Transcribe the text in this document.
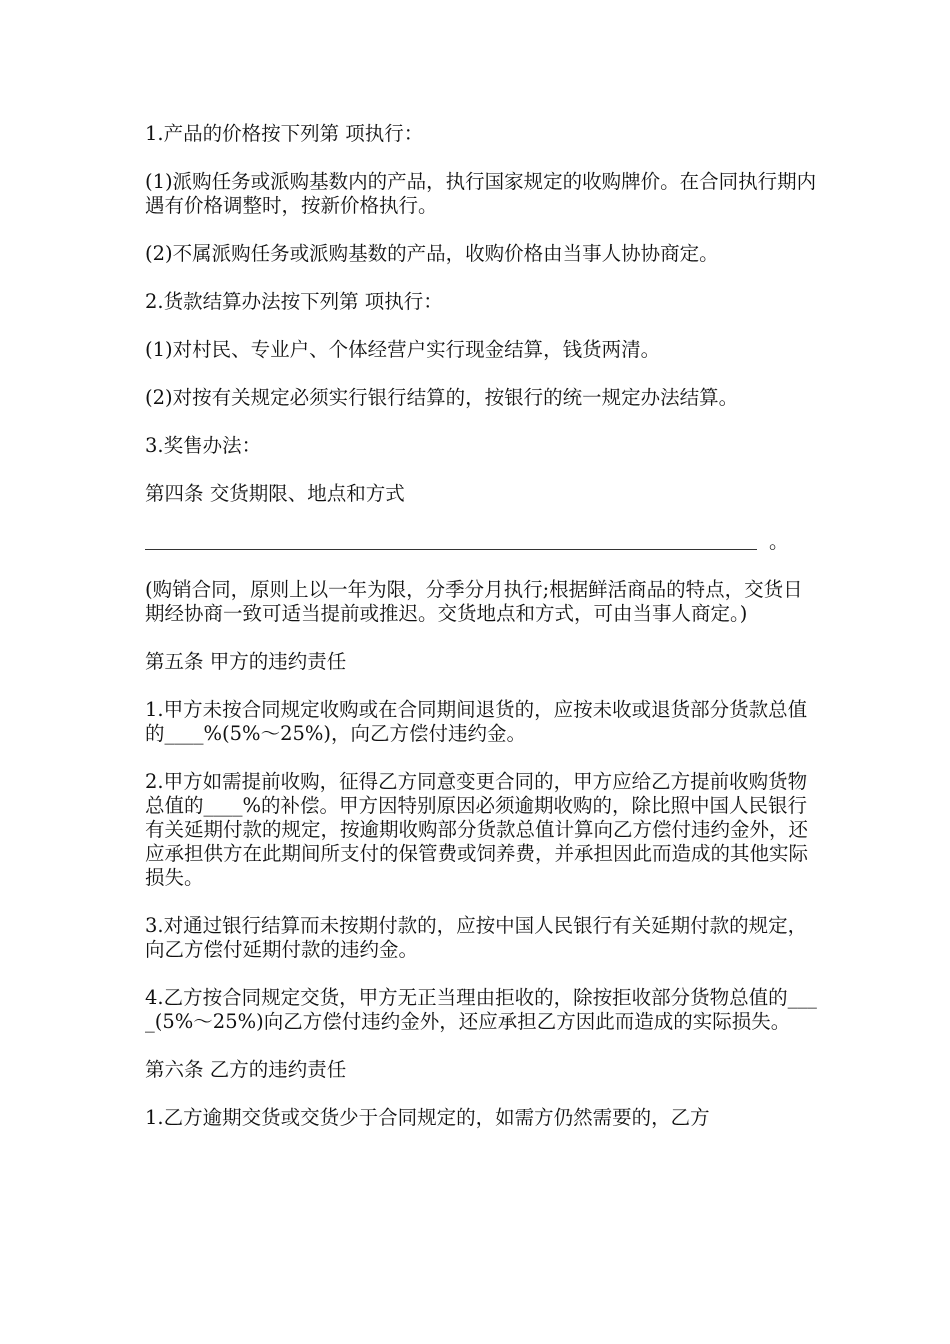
1.产品的价格按下列第 项执行：

(1)派购任务或派购基数内的产品，执行国家规定的收购牌价。在合同执行期内遇有价格调整时，按新价格执行。

(2)不属派购任务或派购基数的产品，收购价格由当事人协协商定。

2.货款结算办法按下列第 项执行：

(1)对村民、专业户、个体经营户实行现金结算，钱货两清。

(2)对按有关规定必须实行银行结算的，按银行的统一规定办法结算。

3.奖售办法：

第四条 交货期限、地点和方式

。

(购销合同，原则上以一年为限，分季分月执行;根据鲜活商品的特点，交货日期经协商一致可适当提前或推迟。交货地点和方式，可由当事人商定。)

第五条 甲方的违约责任

1.甲方未按合同规定收购或在合同期间退货的，应按未收或退货部分货款总值的____%(5%～25%)，向乙方偿付违约金。

2.甲方如需提前收购，征得乙方同意变更合同的，甲方应给乙方提前收购货物总值的____%的补偿。甲方因特别原因必须逾期收购的，除比照中国人民银行有关延期付款的规定，按逾期收购部分货款总值计算向乙方偿付违约金外，还应承担供方在此期间所支付的保管费或饲养费，并承担因此而造成的其他实际损失。

3.对通过银行结算而未按期付款的，应按中国人民银行有关延期付款的规定，向乙方偿付延期付款的违约金。

4.乙方按合同规定交货，甲方无正当理由拒收的，除按拒收部分货物总值的____(5%～25%)向乙方偿付违约金外，还应承担乙方因此而造成的实际损失。

第六条 乙方的违约责任

1.乙方逾期交货或交货少于合同规定的，如需方仍然需要的，乙方
